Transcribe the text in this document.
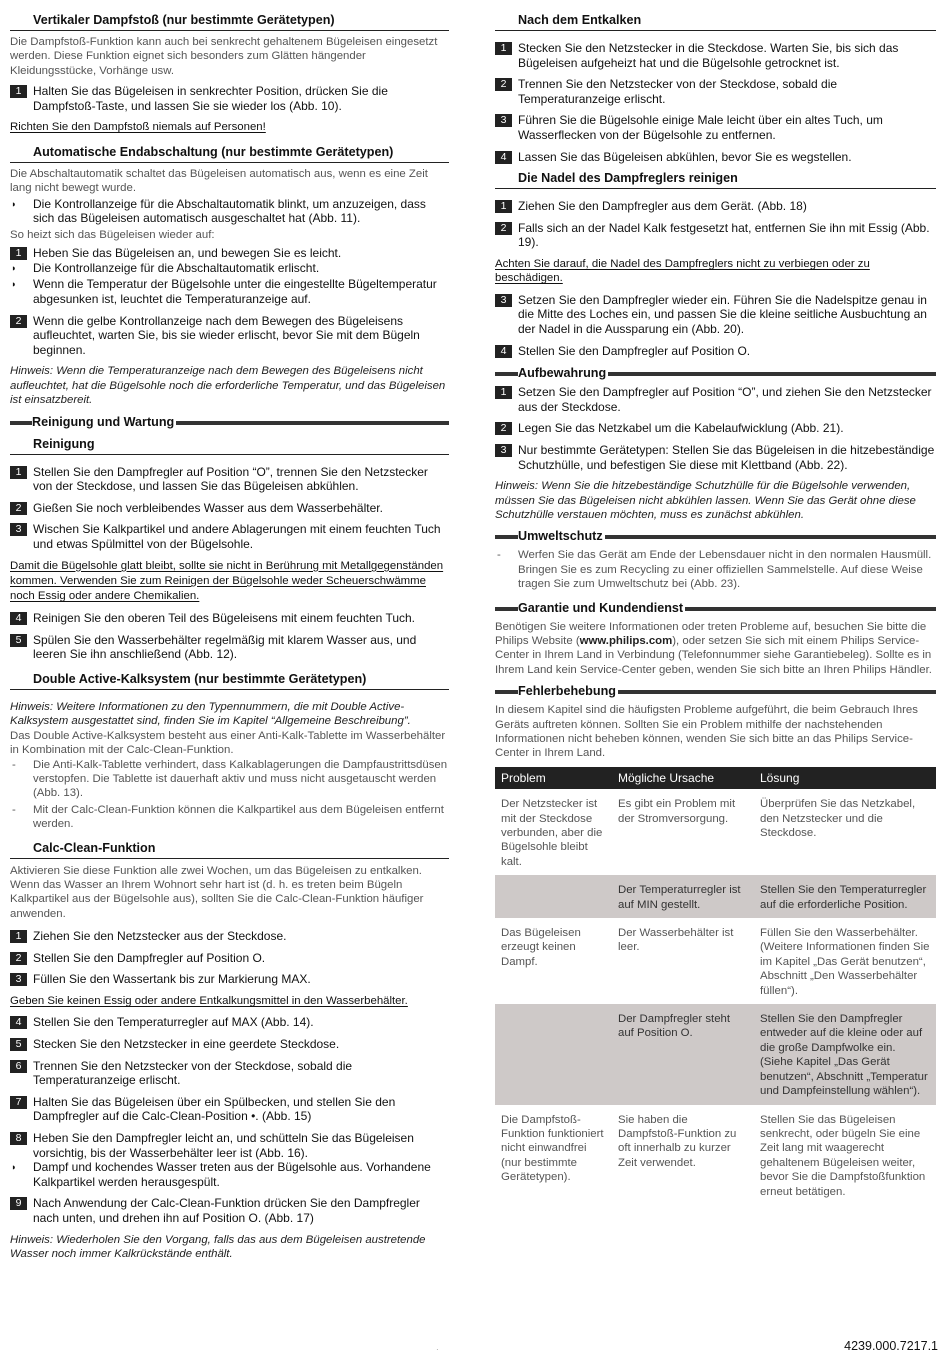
Vertikaler Dampfstoß (nur bestimmte Gerätetypen)

Die Dampfstoß-Funktion kann auch bei senkrecht gehaltenem Bügeleisen eingesetzt werden. Diese Funktion eignet sich besonders zum Glätten hängender Kleidungsstücke, Vorhänge usw.

1 Halten Sie das Bügeleisen in senkrechter Position, drücken Sie die Dampfstoß-Taste, und lassen Sie sie wieder los (Abb. 10).

Richten Sie den Dampfstoß niemals auf Personen!

Automatische Endabschaltung (nur bestimmte Gerätetypen)

Die Abschaltautomatik schaltet das Bügeleisen automatisch aus, wenn es eine Zeit lang nicht bewegt wurde.

◗ Die Kontrollanzeige für die Abschaltautomatik blinkt, um anzuzeigen, dass sich das Bügeleisen automatisch ausgeschaltet hat (Abb. 11).

So heizt sich das Bügeleisen wieder auf:

1 Heben Sie das Bügeleisen an, und bewegen Sie es leicht.
◗ Die Kontrollanzeige für die Abschaltautomatik erlischt.
◗ Wenn die Temperatur der Bügelsohle unter die eingestellte Bügeltemperatur abgesunken ist, leuchtet die Temperaturanzeige auf.
2 Wenn die gelbe Kontrollanzeige nach dem Bewegen des Bügeleisens aufleuchtet, warten Sie, bis sie wieder erlischt, bevor Sie mit dem Bügeln beginnen.

Hinweis: Wenn die Temperaturanzeige nach dem Bewegen des Bügeleisens nicht aufleuchtet, hat die Bügelsohle noch die erforderliche Temperatur, und das Bügeleisen ist einsatzbereit.

Reinigung und Wartung
Reinigung
1 Stellen Sie den Dampfregler auf Position “O”, trennen Sie den Netzstecker von der Steckdose, und lassen Sie das Bügeleisen abkühlen.
2 Gießen Sie noch verbleibendes Wasser aus dem Wasserbehälter.
3 Wischen Sie Kalkpartikel und andere Ablagerungen mit einem feuchten Tuch und etwas Spülmittel von der Bügelsohle.

Damit die Bügelsohle glatt bleibt, sollte sie nicht in Berührung mit Metallgegenständen kommen. Verwenden Sie zum Reinigen der Bügelsohle weder Scheuerschwämme noch Essig oder andere Chemikalien.

4 Reinigen Sie den oberen Teil des Bügeleisens mit einem feuchten Tuch.
5 Spülen Sie den Wasserbehälter regelmäßig mit klarem Wasser aus, und leeren Sie ihn anschließend (Abb. 12).
Double Active-Kalksystem (nur bestimmte Gerätetypen)

Hinweis: Weitere Informationen zu den Typennummern, die mit Double Active-Kalksystem ausgestattet sind, finden Sie im Kapitel “Allgemeine Beschreibung”.

Das Double Active-Kalksystem besteht aus einer Anti-Kalk-Tablette im Wasserbehälter in Kombination mit der Calc-Clean-Funktion.

- Die Anti-Kalk-Tablette verhindert, dass Kalkablagerungen die Dampfaustrittsdüsen verstopfen. Die Tablette ist dauerhaft aktiv und muss nicht ausgetauscht werden (Abb. 13).
- Mit der Calc-Clean-Funktion können die Kalkpartikel aus dem Bügeleisen entfernt werden.
Calc-Clean-Funktion

Aktivieren Sie diese Funktion alle zwei Wochen, um das Bügeleisen zu entkalken. Wenn das Wasser an Ihrem Wohnort sehr hart ist (d. h. es treten beim Bügeln Kalkpartikel aus der Bügelsohle aus), sollten Sie die Calc-Clean-Funktion häufiger anwenden.

1 Ziehen Sie den Netzstecker aus der Steckdose.
2 Stellen Sie den Dampfregler auf Position O.
3 Füllen Sie den Wassertank bis zur Markierung MAX.

Geben Sie keinen Essig oder andere Entkalkungsmittel in den Wasserbehälter.

4 Stellen Sie den Temperaturregler auf MAX (Abb. 14).
5 Stecken Sie den Netzstecker in eine geerdete Steckdose.
6 Trennen Sie den Netzstecker von der Steckdose, sobald die Temperaturanzeige erlischt.
7 Halten Sie das Bügeleisen über ein Spülbecken, und stellen Sie den Dampfregler auf die Calc-Clean-Position •. (Abb. 15)
8 Heben Sie den Dampfregler leicht an, und schütteln Sie das Bügeleisen vorsichtig, bis der Wasserbehälter leer ist (Abb. 16).
◗ Dampf und kochendes Wasser treten aus der Bügelsohle aus. Vorhandene Kalkpartikel werden herausgespült.
9 Nach Anwendung der Calc-Clean-Funktion drücken Sie den Dampfregler nach unten, und drehen ihn auf Position O. (Abb. 17)

Hinweis: Wiederholen Sie den Vorgang, falls das aus dem Bügeleisen austretende Wasser noch immer Kalkrückstände enthält.

Nach dem Entkalken
1 Stecken Sie den Netzstecker in die Steckdose. Warten Sie, bis sich das Bügeleisen aufgeheizt hat und die Bügelsohle getrocknet ist.
2 Trennen Sie den Netzstecker von der Steckdose, sobald die Temperaturanzeige erlischt.
3 Führen Sie die Bügelsohle einige Male leicht über ein altes Tuch, um Wasserflecken von der Bügelsohle zu entfernen.
4 Lassen Sie das Bügeleisen abkühlen, bevor Sie es wegstellen.
Die Nadel des Dampfreglers reinigen
1 Ziehen Sie den Dampfregler aus dem Gerät. (Abb. 18)
2 Falls sich an der Nadel Kalk festgesetzt hat, entfernen Sie ihn mit Essig (Abb. 19).

Achten Sie darauf, die Nadel des Dampfreglers nicht zu verbiegen oder zu beschädigen.

3 Setzen Sie den Dampfregler wieder ein. Führen Sie die Nadelspitze genau in die Mitte des Loches ein, und passen Sie die kleine seitliche Ausbuchtung an der Nadel in die Aussparung ein (Abb. 20).
4 Stellen Sie den Dampfregler auf Position O.
Aufbewahrung
1 Setzen Sie den Dampfregler auf Position “O”, und ziehen Sie den Netzstecker aus der Steckdose.
2 Legen Sie das Netzkabel um die Kabelaufwicklung (Abb. 21).
3 Nur bestimmte Gerätetypen: Stellen Sie das Bügeleisen in die hitzebeständige Schutzhülle, und befestigen Sie diese mit Klettband (Abb. 22).

Hinweis: Wenn Sie die hitzebeständige Schutzhülle für die Bügelsohle verwenden, müssen Sie das Bügeleisen nicht abkühlen lassen. Wenn Sie das Gerät ohne diese Schutzhülle verstauen möchten, muss es zunächst abkühlen.

Umweltschutz
- Werfen Sie das Gerät am Ende der Lebensdauer nicht in den normalen Hausmüll. Bringen Sie es zum Recycling zu einer offiziellen Sammelstelle. Auf diese Weise tragen Sie zum Umweltschutz bei (Abb. 23).
Garantie und Kundendienst

Benötigen Sie weitere Informationen oder treten Probleme auf, besuchen Sie bitte die Philips Website (www.philips.com), oder setzen Sie sich mit einem Philips Service-Center in Ihrem Land in Verbindung (Telefonnummer siehe Garantiebeleg). Sollte es in Ihrem Land kein Service-Center geben, wenden Sie sich bitte an Ihren Philips Händler.

Fehlerbehebung

In diesem Kapitel sind die häufigsten Probleme aufgeführt, die beim Gebrauch Ihres Geräts auftreten können. Sollten Sie ein Problem mithilfe der nachstehenden Informationen nicht beheben können, wenden Sie sich bitte an das Philips Service-Center in Ihrem Land.

Problem	Mögliche Ursache	Lösung
Der Netzstecker ist mit der Steckdose verbunden, aber die Bügelsohle bleibt kalt.	Es gibt ein Problem mit der Stromversorgung.	Überprüfen Sie das Netzkabel, den Netzstecker und die Steckdose.
	Der Temperaturregler ist auf MIN gestellt.	Stellen Sie den Temperaturregler auf die erforderliche Position.
Das Bügeleisen erzeugt keinen Dampf.	Der Wasserbehälter ist leer.	Füllen Sie den Wasserbehälter. (Weitere Informationen finden Sie im Kapitel „Das Gerät benutzen“, Abschnitt „Den Wasserbehälter füllen“).
	Der Dampfregler steht auf Position O.	Stellen Sie den Dampfregler entweder auf die kleine oder auf die große Dampfwolke ein. (Siehe Kapitel „Das Gerät benutzen“, Abschnitt „Temperatur und Dampfeinstellung wählen“).
Die Dampfstoß-Funktion funktioniert nicht einwandfrei (nur bestimmte Gerätetypen).	Sie haben die Dampfstoß-Funktion zu oft innerhalb zu kurzer Zeit verwendet.	Stellen Sie das Bügeleisen senkrecht, oder bügeln Sie eine Zeit lang mit waagerecht gehaltenem Bügeleisen weiter, bevor Sie die Dampfstoßfunktion erneut betätigen.
·	4239.000.7217.1
